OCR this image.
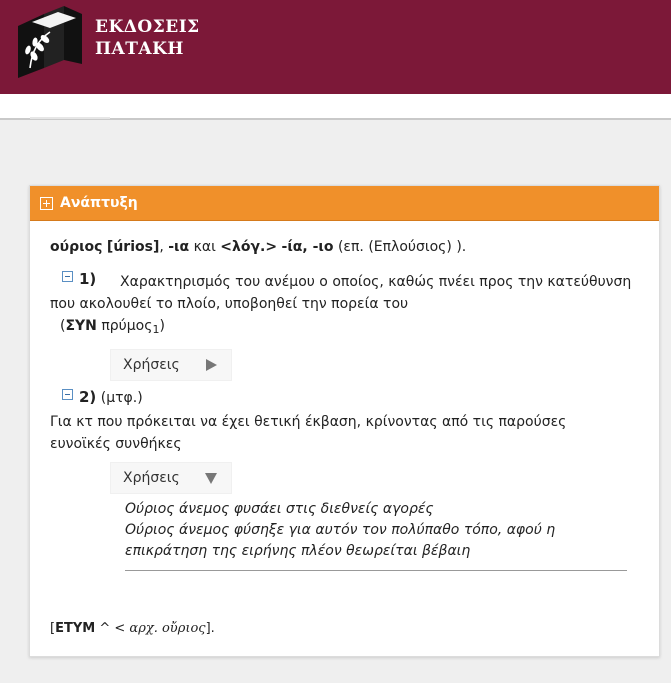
ΕΚΔΟΣΕΙΣ
ΠΑΤΑΚΗ
Ανάπτυξη
ούριος [úrios], -ια και <λόγ.> -ία, -ιο (επ. (Επλούσιος) ).
1)	Χαρακτηρισμός του ανέμου ο οποίος, καθώς πνέει προς την κατεύθυνση που ακολουθεί το πλοίο, υποβοηθεί την πορεία του
(ΣΥΝ πρύμος$_1$)
Χρήσεις
2) (μτφ.)
Για κτ που πρόκειται να έχει θετική έκβαση, κρίνοντας από τις παρούσες ευνοϊκές συνθήκες
Χρήσεις
Ούριος άνεμος φυσάει στις διεθνείς αγορές
Ούριος άνεμος φύσηξε για αυτόν τον πολύπαθο τόπο, αφού η επικράτηση της ειρήνης πλέον θεωρείται βέβαιη
[ΕΤΥΜ ^ < αρχ. οὔριος].
